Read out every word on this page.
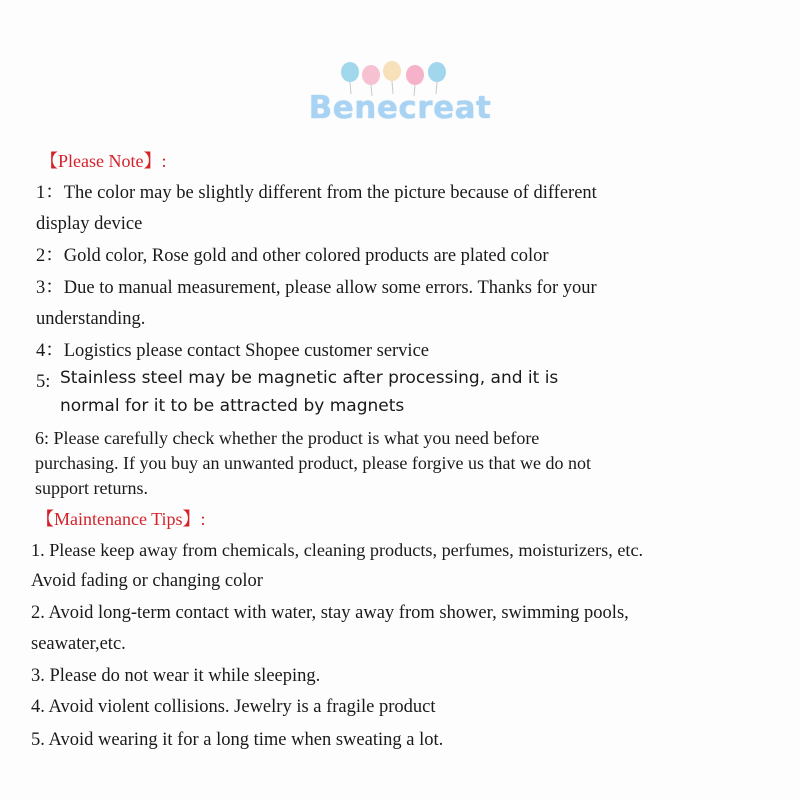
Benecreat
【Please Note】:
1：The color may be slightly different from the picture because of different
display device
2：Gold color, Rose gold and other colored products are plated color
3：Due to manual measurement, please allow some errors. Thanks for your
understanding.
4：Logistics please contact Shopee customer service
5: Stainless steel may be magnetic after processing, and it is
normal for it to be attracted by magnets
6: Please carefully check whether the product is what you need before
purchasing. If you buy an unwanted product, please forgive us that we do not
support returns.
【Maintenance Tips】:
1. Please keep away from chemicals, cleaning products, perfumes, moisturizers, etc.
Avoid fading or changing color
2. Avoid long-term contact with water, stay away from shower, swimming pools,
seawater,etc.
3. Please do not wear it while sleeping.
4. Avoid violent collisions. Jewelry is a fragile product
5. Avoid wearing it for a long time when sweating a lot.
